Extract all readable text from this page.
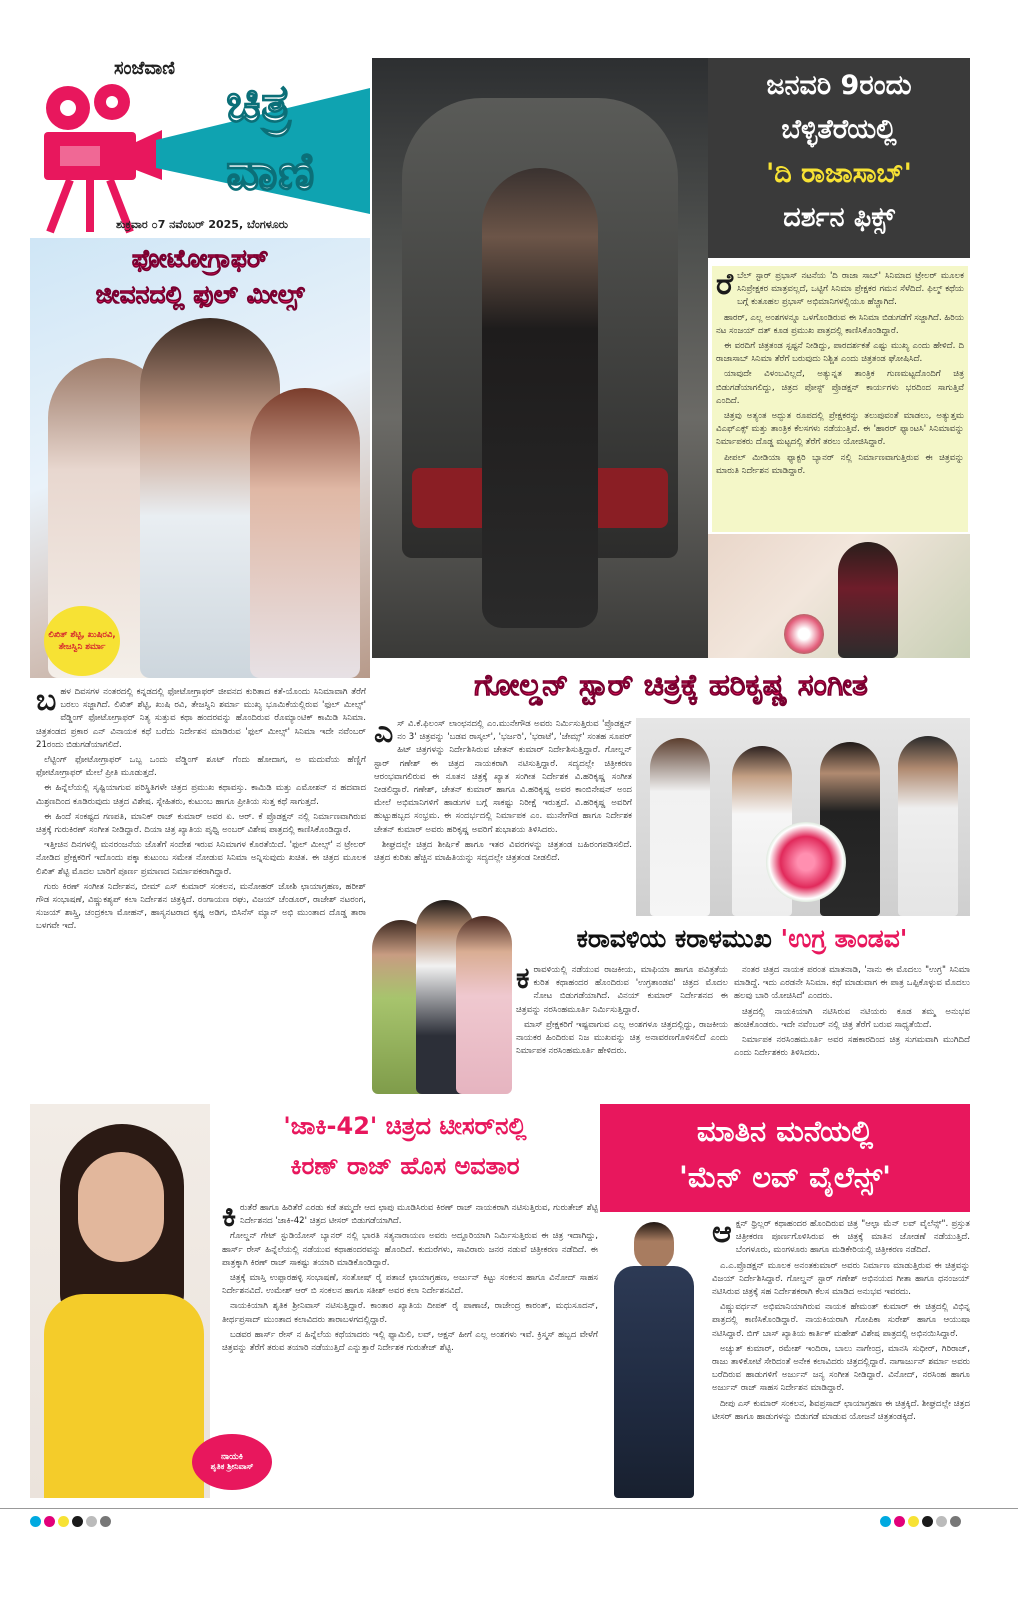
ಸಂಜೆವಾಣಿ
ಚಿತ್ರ
ವಾಣಿ
ಶುಕ್ರವಾರ ೦7 ನವೆಂಬರ್ 2025, ಬೆಂಗಳೂರು
ಫೋಟೋಗ್ರಾಫರ್
ಜೀವನದಲ್ಲಿ ಫುಲ್ ಮೀಲ್ಸ್
ಲಿಖಿತ್ ಶೆಟ್ಟಿ, ಖುಷಿರವಿ, ತೇಜಸ್ವಿನಿ ಶರ್ಮಾ
ಬ ಹಳ ದಿವಸಗಳ ನಂತರದಲ್ಲಿ ಕನ್ನಡದಲ್ಲಿ ಫೋಟೋಗ್ರಾಫರ್ ಜೀವನದ ಕುರಿತಾದ ಕತೆ-ಯೊಂದು ಸಿನಿಮಾವಾಗಿ ತೆರೆಗೆ ಬರಲು ಸಜ್ಜಾಗಿದೆ. ಲಿಖಿತ್ ಶೆಟ್ಟಿ, ಖುಷಿ ರವಿ, ತೇಜಸ್ವಿನಿ ಶರ್ಮಾ ಮುಖ್ಯ ಭೂಮಿಕೆಯಲ್ಲಿರುವ 'ಫುಲ್ ಮೀಲ್ಸ್' ವೆಡ್ಡಿಂಗ್ ಫೋಟೋಗ್ರಾಫರ್ ನಿತ್ಯ ಸುತ್ತುವ ಕಥಾ ಹಂದರವನ್ನು ಹೊಂದಿರುವ ರೊಮ್ಯಾಂಟಿಕ್ ಕಾಮಿಡಿ ಸಿನಿಮಾ. ಚಿತ್ರತಂಡದ ಪ್ರಕಾರ ಎನ್ ವಿನಾಯಕ ಕಥೆ ಬರೆದು ನಿರ್ದೇಶನ ಮಾಡಿರುವ 'ಫುಲ್ ಮೀಲ್ಸ್' ಸಿನಿಮಾ ಇದೇ ನವೆಂಬರ್ 21ರಂದು ಬಿಡುಗಡೆಯಾಗಲಿದೆ.

ಲೆಟ್ಟಿಂಗ್ ಫೋಟೋಗ್ರಾಫರ್ ಒಬ್ಬ ಒಂದು ವೆಡ್ಡಿಂಗ್ ಶೂಟ್ ಗೆಂದು ಹೋದಾಗ, ಅ ಮದುವೆಯ ಹೆಣ್ಣಿಗೆ ಫೋಟೋಗ್ರಾಫರ್ ಮೇಲೆ ಪ್ರೀತಿ ಮೂಡುತ್ತದೆ.

ಈ ಹಿನ್ನೆಲೆಯಲ್ಲಿ ಸೃಷ್ಟಿಯಾಗುವ ಪರಿಸ್ಥಿತಿಗಳೇ ಚಿತ್ರದ ಪ್ರಮುಖ ಕಥಾವಸ್ತು. ಕಾಮಿಡಿ ಮತ್ತು ಎಮೋಶನ್ ನ ಹದವಾದ ಮಿಶ್ರಣದಿಂದ ಕೂಡಿರುವುದು ಚಿತ್ರದ ವಿಶೇಷ. ಸ್ನೇಹಿತರು, ಕುಟುಂಬ ಹಾಗೂ ಪ್ರೀತಿಯ ಸುತ್ತ ಕಥೆ ಸಾಗುತ್ತದೆ.

ಈ ಹಿಂದೆ ಸಂಕಷ್ಟದ ಗಣಪತಿ, ಮಾನಿಕ್ ರಾಜ್ ಕುಮಾರ್ ಅವರ ಏ. ಆರ್. ಕೆ ಪ್ರೊಡಕ್ಷನ್ ನಲ್ಲಿ ನಿರ್ಮಾಣವಾಗಿರುವ ಚಿತ್ರಕ್ಕೆ ಗುರುಕಿರಣ್ ಸಂಗೀತ ನೀಡಿದ್ದಾರೆ. ದಿಯಾ ಚಿತ್ರ ಖ್ಯಾತಿಯ ಪೃಥ್ವಿ ಅಂಬರ್ ವಿಶೇಷ ಪಾತ್ರದಲ್ಲಿ ಕಾಣಿಸಿಕೊಂಡಿದ್ದಾರೆ.

ಇತ್ತೀಚಿನ ದಿನಗಳಲ್ಲಿ ಮನರಂಜನೆಯ ಜೊತೆಗೆ ಸಂದೇಶ ಇರುವ ಸಿನಿಮಾಗಳ ಕೊರತೆಯಿದೆ. 'ಫುಲ್ ಮೀಲ್ಸ್' ನ ಟ್ರೇಲರ್ ನೋಡಿದ ಪ್ರೇಕ್ಷಕರಿಗೆ ಇದೊಂದು ಪಕ್ಕಾ ಕುಟುಂಬ ಸಮೇತ ನೋಡುವ ಸಿನಿಮಾ ಅನ್ನಿಸುವುದು ಖಚಿತ. ಈ ಚಿತ್ರದ ಮೂಲಕ ಲಿಖಿತ್ ಶೆಟ್ಟಿ ಮೊದಲ ಬಾರಿಗೆ ಪೂರ್ಣ ಪ್ರಮಾಣದ ನಿರ್ಮಾಪಕರಾಗಿದ್ದಾರೆ.

ಗುರು ಕಿರಣ್ ಸಂಗೀತ ನಿರ್ದೇಶನ, ಬೀಮ್ ಎಸ್ ಕುಮಾರ್ ಸಂಕಲನ, ಮನೋಹರ್ ಜೋಶಿ ಛಾಯಾಗ್ರಹಣ, ಹರೀಶ್ ಗೌಡ ಸಂಭಾಷಣೆ, ವಿಷ್ಣುಕಶ್ಯಪ್ ಕಲಾ ನಿರ್ದೇಶನ ಚಿತ್ರಕ್ಕಿದೆ. ರಂಗಾಯಣ ರಘು, ವಿಜಯ್ ಚೆಂಡೂರ್, ರಾಜೇಶ್ ನಟರಂಗ, ಸುಜಯ್ ಶಾಸ್ತ್ರಿ, ಚಂದ್ರಕಲಾ ಮೋಹನ್, ಹಾಸ್ಯನಟರಾದ ಕೃಷ್ಣ ಅಡಿಗ, ಬಿಸಿನೆಸ್ ಮ್ಯಾನ್ ಅಭಿ ಮುಂತಾದ ದೊಡ್ಡ ತಾರಾ ಬಳಗವೇ ಇದೆ.

ಜನವರಿ 9ರಂದು
ಬೆಳ್ಳಿತೆರೆಯಲ್ಲಿ
'ದಿ ರಾಜಾಸಾಬ್'
ದರ್ಶನ ಫಿಕ್ಸ್
ರೆ ಬೆಲ್ ಸ್ಟಾರ್ ಪ್ರಭಾಸ್ ನಟನೆಯ 'ದಿ ರಾಜಾ ಸಾಬ್' ಸಿನಿಮಾದ ಟ್ರೇಲರ್ ಮೂಲಕ ಸಿನಿಪ್ರೇಕ್ಷಕರ ಮಾತ್ರವಲ್ಲದೆ, ಒಟ್ಟಿಗೆ ಸಿನಿಮಾ ಪ್ರೇಕ್ಷಕರ ಗಮನ ಸೆಳೆದಿದೆ. ಫಿಲ್ಮ್ ಕಥೆಯ ಬಗ್ಗೆ ಕುತೂಹಲ ಪ್ರಭಾಸ್ ಅಭಿಮಾನಿಗಳಲ್ಲಿಯೂ ಹೆಚ್ಚಾಗಿದೆ.

ಹಾರರ್, ಎಲ್ಲ ಅಂಶಗಳನ್ನೂ ಒಳಗೊಂಡಿರುವ ಈ ಸಿನಿಮಾ ಬಿಡುಗಡೆಗೆ ಸಜ್ಜಾಗಿದೆ. ಹಿರಿಯ ನಟ ಸಂಜಯ್ ದತ್ ಕೂಡ ಪ್ರಮುಖ ಪಾತ್ರದಲ್ಲಿ ಕಾಣಿಸಿಕೊಂಡಿದ್ದಾರೆ.

ಈ ವರದಿಗೆ ಚಿತ್ರತಂಡ ಸ್ಪಷ್ಟನೆ ನೀಡಿದ್ದು, ಪಾರದರ್ಶಕತೆ ಎಷ್ಟು ಮುಖ್ಯ ಎಂದು ಹೇಳಿದೆ. ದಿ ರಾಜಾಸಾಬ್ ಸಿನಿಮಾ ತೆರೆಗೆ ಬರುವುದು ನಿಶ್ಚಿತ ಎಂದು ಚಿತ್ರತಂಡ ಘೋಷಿಸಿದೆ.

ಯಾವುದೇ ವಿಳಂಬವಿಲ್ಲದೆ, ಅತ್ಯುನ್ನತ ತಾಂತ್ರಿಕ ಗುಣಮಟ್ಟದೊಂದಿಗೆ ಚಿತ್ರ ಬಿಡುಗಡೆಯಾಗಲಿದ್ದು, ಚಿತ್ರದ ಪೋಸ್ಟ್ ಪ್ರೊಡಕ್ಷನ್ ಕಾರ್ಯಗಳು ಭರದಿಂದ ಸಾಗುತ್ತಿವೆ ಎಂದಿದೆ.

ಚಿತ್ರವು ಅತ್ಯಂತ ಅದ್ಭುತ ರೂಪದಲ್ಲಿ ಪ್ರೇಕ್ಷಕರನ್ನು ತಲುಪುವಂತೆ ಮಾಡಲು, ಅತ್ಯುತ್ತಮ ವಿಎಫ್ಎಕ್ಸ್ ಮತ್ತು ತಾಂತ್ರಿಕ ಕೆಲಸಗಳು ನಡೆಯುತ್ತಿವೆ. ಈ 'ಹಾರರ್ ಫ್ಯಾಂಟಸಿ' ಸಿನಿಮಾವನ್ನು ನಿರ್ಮಾಪಕರು ದೊಡ್ಡ ಮಟ್ಟದಲ್ಲಿ ತೆರೆಗೆ ತರಲು ಯೋಜಿಸಿದ್ದಾರೆ.

ಪೀಪಲ್ ಮೀಡಿಯಾ ಫ್ಯಾಕ್ಟರಿ ಬ್ಯಾನರ್ ನಲ್ಲಿ ನಿರ್ಮಾಣವಾಗುತ್ತಿರುವ ಈ ಚಿತ್ರವನ್ನು ಮಾರುತಿ ನಿರ್ದೇಶನ ಮಾಡಿದ್ದಾರೆ.

ಗೋಲ್ಡನ್ ಸ್ಟಾರ್ ಚಿತ್ರಕ್ಕೆ ಹರಿಕೃಷ್ಣ ಸಂಗೀತ
ಎ ಸ್ ವಿ.ಕೆ.ಫಿಲಂಸ್ ಲಾಂಛನದಲ್ಲಿ ಎಂ.ಮುನೇಗೌಡ ಅವರು ನಿರ್ಮಿಸುತ್ತಿರುವ 'ಪ್ರೊಡಕ್ಷನ್ ನಂ 3' ಚಿತ್ರವನ್ನು 'ಬಡವ ರಾಸ್ಕಲ್', 'ಭರ್ಜರಿ', 'ಭರಾಟೆ', 'ಜೇಮ್ಸ್' ಸಂತಹ ಸೂಪರ್ ಹಿಟ್ ಚಿತ್ರಗಳನ್ನು ನಿರ್ದೇಶಿಸಿರುವ ಚೇತನ್ ಕುಮಾರ್ ನಿರ್ದೇಶಿಸುತ್ತಿದ್ದಾರೆ. ಗೋಲ್ಡನ್ ಸ್ಟಾರ್ ಗಣೇಶ್ ಈ ಚಿತ್ರದ ನಾಯಕರಾಗಿ ನಟಿಸುತ್ತಿದ್ದಾರೆ. ಸದ್ಯದಲ್ಲೇ ಚಿತ್ರೀಕರಣ ಆರಂಭವಾಗಲಿರುವ ಈ ನೂತನ ಚಿತ್ರಕ್ಕೆ ಖ್ಯಾತ ಸಂಗೀತ ನಿರ್ದೇಶಕ ವಿ.ಹರಿಕೃಷ್ಣ ಸಂಗೀತ ನೀಡಲಿದ್ದಾರೆ. ಗಣೇಶ್, ಚೇತನ್ ಕುಮಾರ್ ಹಾಗೂ ವಿ.ಹರಿಕೃಷ್ಣ ಅವರ ಕಾಂಬಿನೇಷನ್ ಅಂದ ಮೇಲೆ ಅಭಿಮಾನಿಗಳಿಗೆ ಹಾಡುಗಳ ಬಗ್ಗೆ ಸಾಕಷ್ಟು ನಿರೀಕ್ಷೆ ಇರುತ್ತದೆ. ವಿ.ಹರಿಕೃಷ್ಣ ಅವರಿಗೆ ಹುಟ್ಟುಹಬ್ಬದ ಸಂಭ್ರಮ. ಈ ಸಂದರ್ಭದಲ್ಲಿ ನಿರ್ಮಾಪಕ ಎಂ. ಮುನೇಗೌಡ ಹಾಗೂ ನಿರ್ದೇಶಕ ಚೇತನ್ ಕುಮಾರ್ ಅವರು ಹರಿಕೃಷ್ಣ ಅವರಿಗೆ ಶುಭಾಶಯ ತಿಳಿಸಿದರು.

ಶೀಘ್ರದಲ್ಲೇ ಚಿತ್ರದ ಶೀರ್ಷಿಕೆ ಹಾಗೂ ಇತರ ವಿವರಗಳನ್ನು ಚಿತ್ರತಂಡ ಬಹಿರಂಗಪಡಿಸಲಿದೆ. ಚಿತ್ರದ ಕುರಿತು ಹೆಚ್ಚಿನ ಮಾಹಿತಿಯನ್ನು ಸದ್ಯದಲ್ಲೇ ಚಿತ್ರತಂಡ ನೀಡಲಿದೆ.

ಕರಾವಳಿಯ ಕರಾಳಮುಖ 'ಉಗ್ರ ತಾಂಡವ'
ಕ ರಾವಳಿಯಲ್ಲಿ ನಡೆಯುವ ರಾಜಕೀಯ, ಮಾಫಿಯಾ ಹಾಗೂ ಪವಿತ್ರತೆಯ ಕುರಿತ ಕಥಾಹಂದರ ಹೊಂದಿರುವ 'ಉಗ್ರತಾಂಡವ' ಚಿತ್ರದ ಮೊದಲ ನೋಟ ಬಿಡುಗಡೆಯಾಗಿದೆ. ವಿನಯ್ ಕುಮಾರ್ ನಿರ್ದೇಶನದ ಈ ಚಿತ್ರವನ್ನು ನರಸಿಂಹಮೂರ್ತಿ ನಿರ್ಮಿಸುತ್ತಿದ್ದಾರೆ.

ಮಾಸ್ ಪ್ರೇಕ್ಷಕರಿಗೆ ಇಷ್ಟವಾಗುವ ಎಲ್ಲ ಅಂಶಗಳೂ ಚಿತ್ರದಲ್ಲಿದ್ದು, ರಾಜಕೀಯ ನಾಯಕರ ಹಿಂದಿರುವ ನಿಜ ಮುಖವನ್ನು ಚಿತ್ರ ಅನಾವರಣಗೊಳಿಸಲಿದೆ ಎಂದು ನಿರ್ಮಾಪಕ ನರಸಿಂಹಮೂರ್ತಿ ಹೇಳಿದರು.

ನಂತರ ಚಿತ್ರದ ನಾಯಕ ಪರಂತ ಮಾತನಾಡಿ, 'ನಾನು ಈ ಮೊದಲು "ಉಗ್ರ" ಸಿನಿಮಾ ಮಾಡಿದ್ದೆ. ಇದು ಎರಡನೇ ಸಿನಿಮಾ. ಕಥೆ ಮಾಡುವಾಗ ಈ ಪಾತ್ರ ಒಪ್ಪಿಕೊಳ್ಳುವ ಮೊದಲು ಹಲವು ಬಾರಿ ಯೋಚಿಸಿದೆ' ಎಂದರು.

ಚಿತ್ರದಲ್ಲಿ ನಾಯಕಿಯಾಗಿ ನಟಿಸಿರುವ ನಟಿಯರು ಕೂಡ ತಮ್ಮ ಅನುಭವ ಹಂಚಿಕೊಂಡರು. ಇದೇ ನವೆಂಬರ್ ನಲ್ಲಿ ಚಿತ್ರ ತೆರೆಗೆ ಬರುವ ಸಾಧ್ಯತೆಯಿದೆ.

ನಿರ್ಮಾಪಕ ನರಸಿಂಹಮೂರ್ತಿ ಅವರ ಸಹಕಾರದಿಂದ ಚಿತ್ರ ಸುಗಮವಾಗಿ ಮುಗಿದಿದೆ ಎಂದು ನಿರ್ದೇಶಕರು ತಿಳಿಸಿದರು.

ನಾಯಕಿ
ಶೃತಿಕ ಶ್ರೀನಿವಾಸ್
'ಜಾಕಿ-42' ಚಿತ್ರದ ಟೀಸರ್‌ನಲ್ಲಿ
ಕಿರಣ್ ರಾಜ್ ಹೊಸ ಅವತಾರ
ಕಿ ರುತೆರೆ ಹಾಗೂ ಹಿರಿತೆರೆ ಎರಡು ಕಡೆ ತಮ್ಮದೇ ಆದ ಛಾಪು ಮೂಡಿಸಿರುವ ಕಿರಣ್ ರಾಜ್ ನಾಯಕರಾಗಿ ನಟಿಸುತ್ತಿರುವ, ಗುರುತೇಜ್ ಶೆಟ್ಟಿ ನಿರ್ದೇಶನದ 'ಜಾಕಿ-42' ಚಿತ್ರದ ಟೀಸರ್ ಬಿಡುಗಡೆಯಾಗಿದೆ.

ಗೋಲ್ಡನ್ ಗೇಟ್ ಸ್ಟುಡಿಯೋಸ್ ಬ್ಯಾನರ್ ನಲ್ಲಿ ಭಾರತಿ ಸತ್ಯನಾರಾಯಣ ಅವರು ಅದ್ದೂರಿಯಾಗಿ ನಿರ್ಮಿಸುತ್ತಿರುವ ಈ ಚಿತ್ರ ಇದಾಗಿದ್ದು, ಹಾರ್ಸ್ ರೇಸ್ ಹಿನ್ನೆಲೆಯಲ್ಲಿ ನಡೆಯುವ ಕಥಾಹಂದರವನ್ನು ಹೊಂದಿದೆ. ಕುದುರೆಗಳು, ಸಾವಿರಾರು ಜನರ ನಡುವೆ ಚಿತ್ರೀಕರಣ ನಡೆದಿದೆ. ಈ ಪಾತ್ರಕ್ಕಾಗಿ ಕಿರಣ್ ರಾಜ್ ಸಾಕಷ್ಟು ತಯಾರಿ ಮಾಡಿಕೊಂಡಿದ್ದಾರೆ.

ಚಿತ್ರಕ್ಕೆ ಮಾಸ್ತಿ ಉಪ್ಪಾರಹಳ್ಳಿ ಸಂಭಾಷಣೆ, ಸಂತೋಷ್ ರೈ ಪತಾಜೆ ಛಾಯಾಗ್ರಹಣ, ಅರ್ಜುನ್ ಕಿಟ್ಟು ಸಂಕಲನ ಹಾಗೂ ವಿನೋದ್ ಸಾಹಸ ನಿರ್ದೇಶನವಿದೆ. ಉಮೇಶ್ ಆರ್ ಬಿ ಸಂಕಲನ ಹಾಗೂ ಸತೀಶ್ ಅವರ ಕಲಾ ನಿರ್ದೇಶನವಿದೆ.

ನಾಯಕಿಯಾಗಿ ಶೃತಿಕ ಶ್ರೀನಿವಾಸ್ ನಟಿಸುತ್ತಿದ್ದಾರೆ. ಕಾಂತಾರ ಖ್ಯಾತಿಯ ದೀಪಕ್ ರೈ ಪಾಣಾಜೆ, ರಾಜೇಂದ್ರ ಕಾರಂತ್, ಮಧುಸೂದನ್, ತೀರ್ಥಪ್ರಸಾದ್ ಮುಂತಾದ ಕಲಾವಿದರು ತಾರಾಬಳಗದಲ್ಲಿದ್ದಾರೆ.

ಬಡವರ ಹಾರ್ಸ್ ರೇಸ್ ನ ಹಿನ್ನೆಲೆಯ ಕಥೆಯಾದರು ಇಲ್ಲಿ ಫ್ಯಾಮಿಲಿ, ಲವ್, ಆಕ್ಷನ್ ಹೀಗೆ ಎಲ್ಲ ಅಂಶಗಳು ಇವೆ. ಕ್ರಿಸ್ಮಸ್ ಹಬ್ಬದ ವೇಳೆಗೆ ಚಿತ್ರವನ್ನು ತೆರೆಗೆ ತರುವ ತಯಾರಿ ನಡೆಯುತ್ತಿದೆ ಎನ್ನುತ್ತಾರೆ ನಿರ್ದೇಶಕ ಗುರುತೇಜ್ ಶೆಟ್ಟಿ.

ಮಾತಿನ ಮನೆಯಲ್ಲಿ
'ಮೆನ್ ಲವ್ ವೈಲೆನ್ಸ್'
ಆ ಕ್ಷನ್ ಥ್ರಿಲ್ಲರ್ ಕಥಾಹಂದರ ಹೊಂದಿರುವ ಚಿತ್ರ "ಆಲ್ಫಾ ಮೆನ್ ಲವ್ ವೈಲೆನ್ಸ್". ಪ್ರಸ್ತುತ ಚಿತ್ರೀಕರಣ ಪೂರ್ಣಗೊಳಿಸಿರುವ ಈ ಚಿತ್ರಕ್ಕೆ ಮಾತಿನ ಜೋಡಣೆ ನಡೆಯುತ್ತಿದೆ. ಬೆಂಗಳೂರು, ಮಂಗಳೂರು ಹಾಗೂ ಮಡಿಕೇರಿಯಲ್ಲಿ ಚಿತ್ರೀಕರಣ ನಡೆದಿದೆ.

ಎ.ಎ.ಪ್ರೊಡಕ್ಷನ್ ಮೂಲಕ ಅನಂತಕುಮಾರ್ ಅವರು ನಿರ್ಮಾಣ ಮಾಡುತ್ತಿರುವ ಈ ಚಿತ್ರವನ್ನು ವಿಜಯ್ ನಿರ್ದೇಶಿಸಿದ್ದಾರೆ. ಗೋಲ್ಡನ್ ಸ್ಟಾರ್ ಗಣೇಶ್ ಅಭಿನಯದ ಗೀತಾ ಹಾಗೂ ಧನಂಜಯ್ ನಟಿಸಿರುವ ಚಿತ್ರಕ್ಕೆ ಸಹ ನಿರ್ದೇಶಕರಾಗಿ ಕೆಲಸ ಮಾಡಿದ ಅನುಭವ ಇವರದು.

ವಿಷ್ಣುವರ್ಧನ್ ಅಭಿಮಾನಿಯಾಗಿರುವ ನಾಯಕ ಹೇಮಂತ್ ಕುಮಾರ್ ಈ ಚಿತ್ರದಲ್ಲಿ ವಿಭಿನ್ನ ಪಾತ್ರದಲ್ಲಿ ಕಾಣಿಸಿಕೊಂಡಿದ್ದಾರೆ. ನಾಯಕಿಯರಾಗಿ ಗೋಪಿಕಾ ಸುರೇಶ್ ಹಾಗೂ ಆಯುಷಾ ನಟಿಸಿದ್ದಾರೆ. ಬಿಗ್ ಬಾಸ್ ಖ್ಯಾತಿಯ ಕಾರ್ತಿಕ್ ಮಹೇಶ್ ವಿಶೇಷ ಪಾತ್ರದಲ್ಲಿ ಅಭಿನಯಿಸಿದ್ದಾರೆ.

ಅಚ್ಯುತ್ ಕುಮಾರ್, ರಮೇಶ್ ಇಂದಿರಾ, ಬಾಲು ನಾಗೇಂದ್ರ, ಮಾನಸಿ ಸುಧೀರ್, ಗಿರಿರಾಜ್, ರಾಜು ತಾಳಿಕೋಟೆ ಸೇರಿದಂತೆ ಅನೇಕ ಕಲಾವಿದರು ಚಿತ್ರದಲ್ಲಿದ್ದಾರೆ. ನಾಗಾರ್ಜುನ್ ಶರ್ಮಾ ಅವರು ಬರೆದಿರುವ ಹಾಡುಗಳಿಗೆ ಅರ್ಜುನ್ ಜನ್ಯ ಸಂಗೀತ ನೀಡಿದ್ದಾರೆ. ವಿನೋದ್, ನರಸಿಂಹ ಹಾಗೂ ಅರ್ಜುನ್ ರಾಜ್ ಸಾಹಸ ನಿರ್ದೇಶನ ಮಾಡಿದ್ದಾರೆ.

ದೀಪು ಎಸ್ ಕುಮಾರ್ ಸಂಕಲನ, ಶಿವಪ್ರಸಾದ್ ಛಾಯಾಗ್ರಹಣ ಈ ಚಿತ್ರಕ್ಕಿದೆ. ಶೀಘ್ರದಲ್ಲೇ ಚಿತ್ರದ ಟೀಸರ್ ಹಾಗೂ ಹಾಡುಗಳನ್ನು ಬಿಡುಗಡೆ ಮಾಡುವ ಯೋಜನೆ ಚಿತ್ರತಂಡಕ್ಕಿದೆ.
